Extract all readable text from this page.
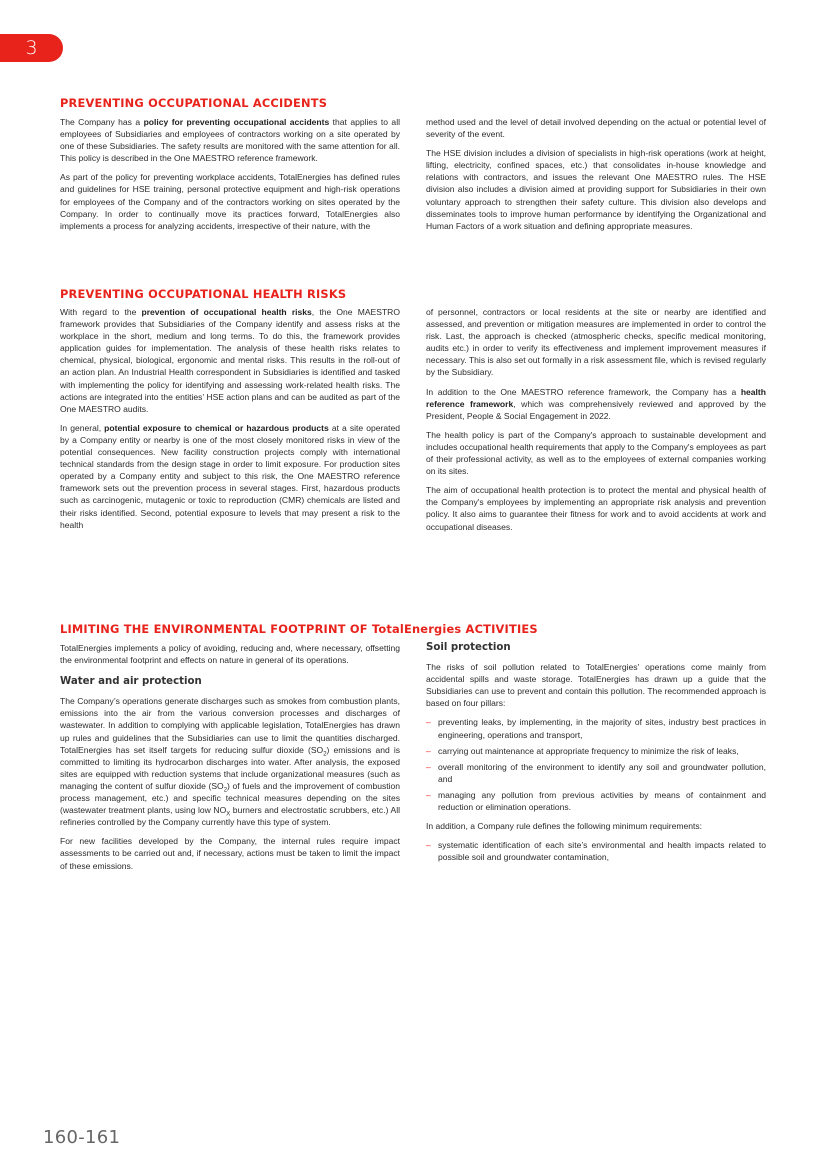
3
PREVENTING OCCUPATIONAL ACCIDENTS

The Company has a policy for preventing occupational accidents that applies to all employees of Subsidiaries and employees of contractors working on a site operated by one of these Subsidiaries. The safety results are monitored with the same attention for all. This policy is described in the One MAESTRO reference framework.

As part of the policy for preventing workplace accidents, TotalEnergies has defined rules and guidelines for HSE training, personal protective equipment and high-risk operations for employees of the Company and of the contractors working on sites operated by the Company. In order to continually move its practices forward, TotalEnergies also implements a process for analyzing accidents, irrespective of their nature, with the

method used and the level of detail involved depending on the actual or potential level of severity of the event.

The HSE division includes a division of specialists in high-risk operations (work at height, lifting, electricity, confined spaces, etc.) that consolidates in-house knowledge and relations with contractors, and issues the relevant One MAESTRO rules. The HSE division also includes a division aimed at providing support for Subsidiaries in their own voluntary approach to strengthen their safety culture. This division also develops and disseminates tools to improve human performance by identifying the Organizational and Human Factors of a work situation and defining appropriate measures.

PREVENTING OCCUPATIONAL HEALTH RISKS

With regard to the prevention of occupational health risks, the One MAESTRO framework provides that Subsidiaries of the Company identify and assess risks at the workplace in the short, medium and long terms. To do this, the framework provides application guides for implementation. The analysis of these health risks relates to chemical, physical, biological, ergonomic and mental risks. This results in the roll-out of an action plan. An Industrial Health correspondent in Subsidiaries is identified and tasked with implementing the policy for identifying and assessing work-related health risks. The actions are integrated into the entities’ HSE action plans and can be audited as part of the One MAESTRO audits.

In general, potential exposure to chemical or hazardous products at a site operated by a Company entity or nearby is one of the most closely monitored risks in view of the potential consequences. New facility construction projects comply with international technical standards from the design stage in order to limit exposure. For production sites operated by a Company entity and subject to this risk, the One MAESTRO reference framework sets out the prevention process in several stages. First, hazardous products such as carcinogenic, mutagenic or toxic to reproduction (CMR) chemicals are listed and their risks identified. Second, potential exposure to levels that may present a risk to the health

of personnel, contractors or local residents at the site or nearby are identified and assessed, and prevention or mitigation measures are implemented in order to control the risk. Last, the approach is checked (atmospheric checks, specific medical monitoring, audits etc.) in order to verify its effectiveness and implement improvement measures if necessary. This is also set out formally in a risk assessment file, which is revised regularly by the Subsidiary.

In addition to the One MAESTRO reference framework, the Company has a health reference framework, which was comprehensively reviewed and approved by the President, People & Social Engagement in 2022.

The health policy is part of the Company's approach to sustainable development and includes occupational health requirements that apply to the Company's employees as part of their professional activity, as well as to the employees of external companies working on its sites.

The aim of occupational health protection is to protect the mental and physical health of the Company's employees by implementing an appropriate risk analysis and prevention policy. It also aims to guarantee their fitness for work and to avoid accidents at work and occupational diseases.

LIMITING THE ENVIRONMENTAL FOOTPRINT OF TotalEnergies ACTIVITIES

TotalEnergies implements a policy of avoiding, reducing and, where necessary, offsetting the environmental footprint and effects on nature in general of its operations.

Water and air protection

The Company’s operations generate discharges such as smokes from combustion plants, emissions into the air from the various conversion processes and discharges of wastewater. In addition to complying with applicable legislation, TotalEnergies has drawn up rules and guidelines that the Subsidiaries can use to limit the quantities discharged. TotalEnergies has set itself targets for reducing sulfur dioxide $(SO_2)$ emissions and is committed to limiting its hydrocarbon discharges into water. After analysis, the exposed sites are equipped with reduction systems that include organizational measures (such as managing the content of sulfur dioxide $(SO_2)$ of fuels and the improvement of combustion process management, etc.) and specific technical measures depending on the sites (wastewater treatment plants, using low $NO_X$ burners and electrostatic scrubbers, etc.) All refineries controlled by the Company currently have this type of system.

For new facilities developed by the Company, the internal rules require impact assessments to be carried out and, if necessary, actions must be taken to limit the impact of these emissions.

Soil protection

The risks of soil pollution related to TotalEnergies’ operations come mainly from accidental spills and waste storage. TotalEnergies has drawn up a guide that the Subsidiaries can use to prevent and contain this pollution. The recommended approach is based on four pillars:

– preventing leaks, by implementing, in the majority of sites, industry best practices in engineering, operations and transport,
– carrying out maintenance at appropriate frequency to minimize the risk of leaks,
– overall monitoring of the environment to identify any soil and groundwater pollution, and
– managing any pollution from previous activities by means of containment and reduction or elimination operations.

In addition, a Company rule defines the following minimum requirements:

– systematic identification of each site’s environmental and health impacts related to possible soil and groundwater contamination,
160-161
